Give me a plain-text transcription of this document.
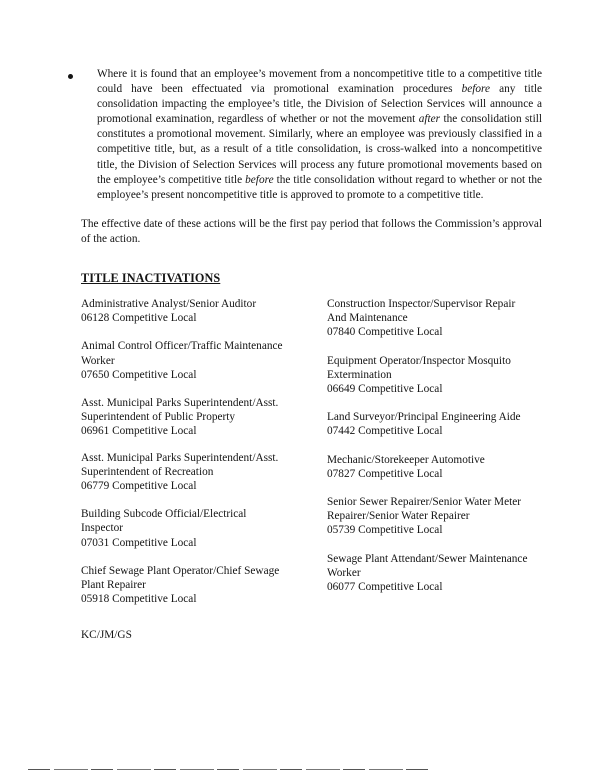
Where it is found that an employee’s movement from a noncompetitive title to a competitive title could have been effectuated via promotional examination procedures before any title consolidation impacting the employee’s title, the Division of Selection Services will announce a promotional examination, regardless of whether or not the movement after the consolidation still constitutes a promotional movement. Similarly, where an employee was previously classified in a competitive title, but, as a result of a title consolidation, is cross-walked into a noncompetitive title, the Division of Selection Services will process any future promotional movements based on the employee’s competitive title before the title consolidation without regard to whether or not the employee’s present noncompetitive title is approved to promote to a competitive title.

The effective date of these actions will be the first pay period that follows the Commission’s approval of the action.

TITLE INACTIVATIONS
Administrative Analyst/Senior Auditor
06128 Competitive Local
Animal Control Officer/Traffic Maintenance
Worker
07650 Competitive Local
Asst. Municipal Parks Superintendent/Asst.
Superintendent of Public Property
06961 Competitive Local
Asst. Municipal Parks Superintendent/Asst.
Superintendent of Recreation
06779 Competitive Local
Building Subcode Official/Electrical
Inspector
07031 Competitive Local
Chief Sewage Plant Operator/Chief Sewage
Plant Repairer
05918 Competitive Local
Construction Inspector/Supervisor Repair
And Maintenance
07840 Competitive Local
Equipment Operator/Inspector Mosquito
Extermination
06649 Competitive Local
Land Surveyor/Principal Engineering Aide
07442 Competitive Local
Mechanic/Storekeeper Automotive
07827 Competitive Local
Senior Sewer Repairer/Senior Water Meter
Repairer/Senior Water Repairer
05739 Competitive Local
Sewage Plant Attendant/Sewer Maintenance
Worker
06077 Competitive Local

KC/JM/GS
